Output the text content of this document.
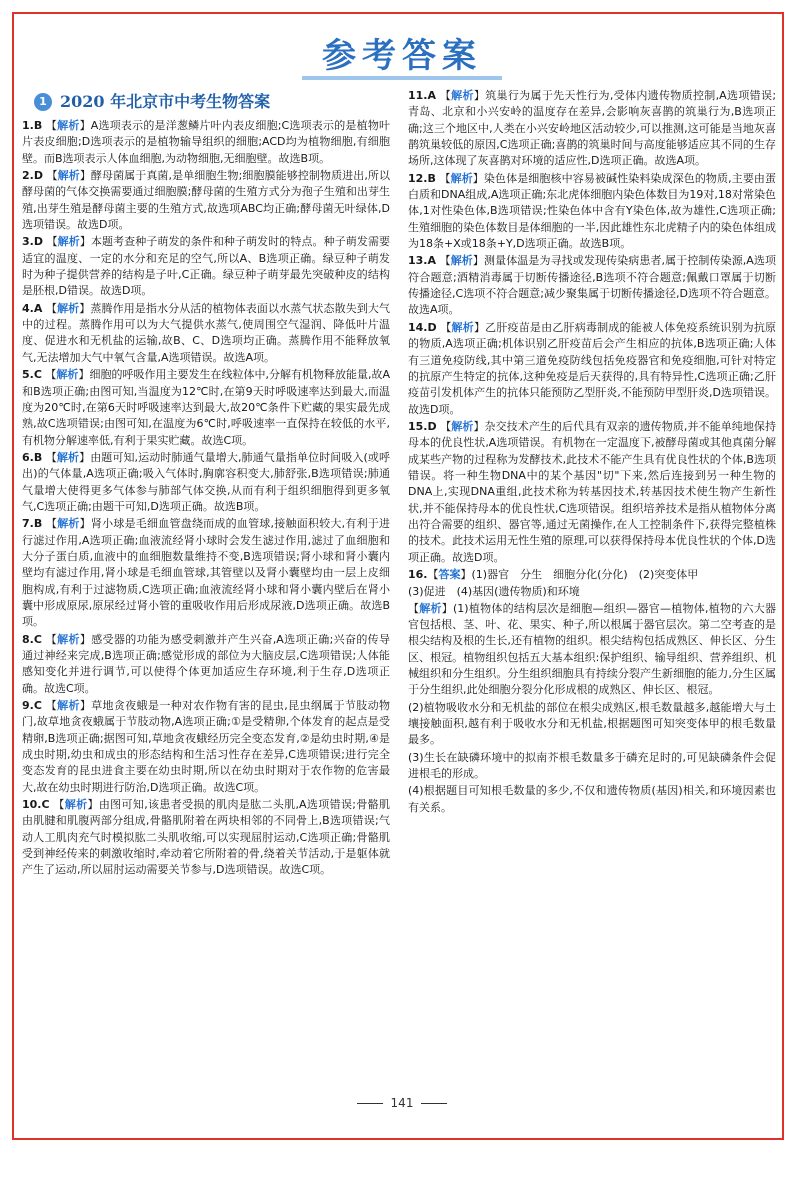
参考答案
1 2020 年北京市中考生物答案

1.B 【解析】A选项表示的是洋葱鳞片叶内表皮细胞;C选项表示的是植物叶片表皮细胞;D选项表示的是植物输导组织的细胞;ACD均为植物细胞,有细胞壁。而B选项表示人体血细胞,为动物细胞,无细胞壁。故选B项。

2.D 【解析】酵母菌属于真菌,是单细胞生物;细胞膜能够控制物质进出,所以酵母菌的气体交换需要通过细胞膜;酵母菌的生殖方式分为孢子生殖和出芽生殖,出芽生殖是酵母菌主要的生殖方式,故选项ABC均正确;酵母菌无叶绿体,D选项错误。故选D项。

3.D 【解析】本题考查种子萌发的条件和种子萌发时的特点。种子萌发需要适宜的温度、一定的水分和充足的空气,所以A、B选项正确。绿豆种子萌发时为种子提供营养的结构是子叶,C正确。绿豆种子萌芽最先突破种皮的结构是胚根,D错误。故选D项。

4.A 【解析】蒸腾作用是指水分从活的植物体表面以水蒸气状态散失到大气中的过程。蒸腾作用可以为大气提供水蒸气,使周围空气湿润、降低叶片温度、促进水和无机盐的运输,故B、C、D选项均正确。蒸腾作用不能释放氧气,无法增加大气中氧气含量,A选项错误。故选A项。

5.C 【解析】细胞的呼吸作用主要发生在线粒体中,分解有机物释放能量,故A和B选项正确;由图可知,当温度为12℃时,在第9天时呼吸速率达到最大,而温度为20℃时,在第6天时呼吸速率达到最大,故20℃条件下贮藏的果实最先成熟,故C选项错误;由图可知,在温度为6℃时,呼吸速率一直保持在较低的水平,有机物分解速率低,有利于果实贮藏。故选C项。

6.B 【解析】由题可知,运动时肺通气量增大,肺通气量指单位时间吸入(或呼出)的气体量,A选项正确;吸入气体时,胸廓容积变大,肺舒张,B选项错误;肺通气量增大使得更多气体参与肺部气体交换,从而有利于组织细胞得到更多氧气,C选项正确;由题干可知,D选项正确。故选B项。

7.B 【解析】肾小球是毛细血管盘绕而成的血管球,接触面积较大,有利于进行滤过作用,A选项正确;血液流经肾小球时会发生滤过作用,滤过了血细胞和大分子蛋白质,血液中的血细胞数量维持不变,B选项错误;肾小球和肾小囊内壁均有滤过作用,肾小球是毛细血管球,其管壁以及肾小囊壁均由一层上皮细胞构成,有利于过滤物质,C选项正确;血液流经肾小球和肾小囊内壁后在肾小囊中形成原尿,原尿经过肾小管的重吸收作用后形成尿液,D选项正确。故选B项。

8.C 【解析】感受器的功能为感受刺激并产生兴奋,A选项正确;兴奋的传导通过神经来完成,B选项正确;感觉形成的部位为大脑皮层,C选项错误;人体能感知变化并进行调节,可以使得个体更加适应生存环境,利于生存,D选项正确。故选C项。

9.C 【解析】草地贪夜蛾是一种对农作物有害的昆虫,昆虫纲属于节肢动物门,故草地贪夜蛾属于节肢动物,A选项正确;①是受精卵,个体发育的起点是受精卵,B选项正确;据图可知,草地贪夜蛾经历完全变态发育,②是幼虫时期,④是成虫时期,幼虫和成虫的形态结构和生活习性存在差异,C选项错误;进行完全变态发育的昆虫进食主要在幼虫时期,所以在幼虫时期对于农作物的危害最大,故在幼虫时期进行防治,D选项正确。故选C项。

10.C 【解析】由图可知,该患者受损的肌肉是肱二头肌,A选项错误;骨骼肌由肌腱和肌腹两部分组成,骨骼肌附着在两块相邻的不同骨上,B选项错误;气动人工肌肉充气时模拟肱二头肌收缩,可以实现屈肘运动,C选项正确;骨骼肌受到神经传来的刺激收缩时,牵动着它所附着的骨,绕着关节活动,于是躯体就产生了运动,所以屈肘运动需要关节参与,D选项错误。故选C项。

11.A 【解析】筑巢行为属于先天性行为,受体内遗传物质控制,A选项错误;青岛、北京和小兴安岭的温度存在差异,会影响灰喜鹊的筑巢行为,B选项正确;这三个地区中,人类在小兴安岭地区活动较少,可以推测,这可能是当地灰喜鹊筑巢较低的原因,C选项正确;喜鹊的筑巢时间与高度能够适应其不同的生存场所,这体现了灰喜鹊对环境的适应性,D选项正确。故选A项。

12.B 【解析】染色体是细胞核中容易被碱性染料染成深色的物质,主要由蛋白质和DNA组成,A选项正确;东北虎体细胞内染色体数目为19对,18对常染色体,1对性染色体,B选项错误;性染色体中含有Y染色体,故为雄性,C选项正确;生殖细胞的染色体数目是体细胞的一半,因此雄性东北虎精子内的染色体组成为18条+X或18条+Y,D选项正确。故选B项。

13.A 【解析】测量体温是为寻找或发现传染病患者,属于控制传染源,A选项符合题意;酒精消毒属于切断传播途径,B选项不符合题意;佩戴口罩属于切断传播途径,C选项不符合题意;减少聚集属于切断传播途径,D选项不符合题意。故选A项。

14.D 【解析】乙肝疫苗是由乙肝病毒制成的能被人体免疫系统识别为抗原的物质,A选项正确;机体识别乙肝疫苗后会产生相应的抗体,B选项正确;人体有三道免疫防线,其中第三道免疫防线包括免疫器官和免疫细胞,可针对特定的抗原产生特定的抗体,这种免疫是后天获得的,具有特异性,C选项正确;乙肝疫苗引发机体产生的抗体只能预防乙型肝炎,不能预防甲型肝炎,D选项错误。故选D项。

15.D 【解析】杂交技术产生的后代具有双亲的遗传物质,并不能单纯地保持母本的优良性状,A选项错误。有机物在一定温度下,被酵母菌或其他真菌分解成某些产物的过程称为发酵技术,此技术不能产生具有优良性状的个体,B选项错误。将一种生物DNA中的某个基因"切"下来,然后连接到另一种生物的DNA上,实现DNA重组,此技术称为转基因技术,转基因技术使生物产生新性状,并不能保持母本的优良性状,C选项错误。组织培养技术是指从植物体分离出符合需要的组织、器官等,通过无菌操作,在人工控制条件下,获得完整植株的技术。此技术运用无性生殖的原理,可以获得保持母本优良性状的个体,D选项正确。故选D项。

16.【答案】(1)器官　分生　细胞分化(分化)　(2)突变体甲

(3)促进　(4)基因(遗传物质)和环境

【解析】(1)植物体的结构层次是细胞—组织—器官—植物体,植物的六大器官包括根、茎、叶、花、果实、种子,所以根属于器官层次。第二空考查的是根尖结构及根的生长,还有植物的组织。根尖结构包括成熟区、伸长区、分生区、根冠。植物组织包括五大基本组织:保护组织、输导组织、营养组织、机械组织和分生组织。分生组织细胞具有持续分裂产生新细胞的能力,分生区属于分生组织,此处细胞分裂分化形成根的成熟区、伸长区、根冠。

(2)植物吸收水分和无机盐的部位在根尖成熟区,根毛数量越多,越能增大与土壤接触面积,越有利于吸收水分和无机盐,根据题图可知突变体甲的根毛数量最多。

(3)生长在缺磷环境中的拟南芥根毛数量多于磷充足时的,可见缺磷条件会促进根毛的形成。

(4)根据题目可知根毛数量的多少,不仅和遗传物质(基因)相关,和环境因素也有关系。

141
